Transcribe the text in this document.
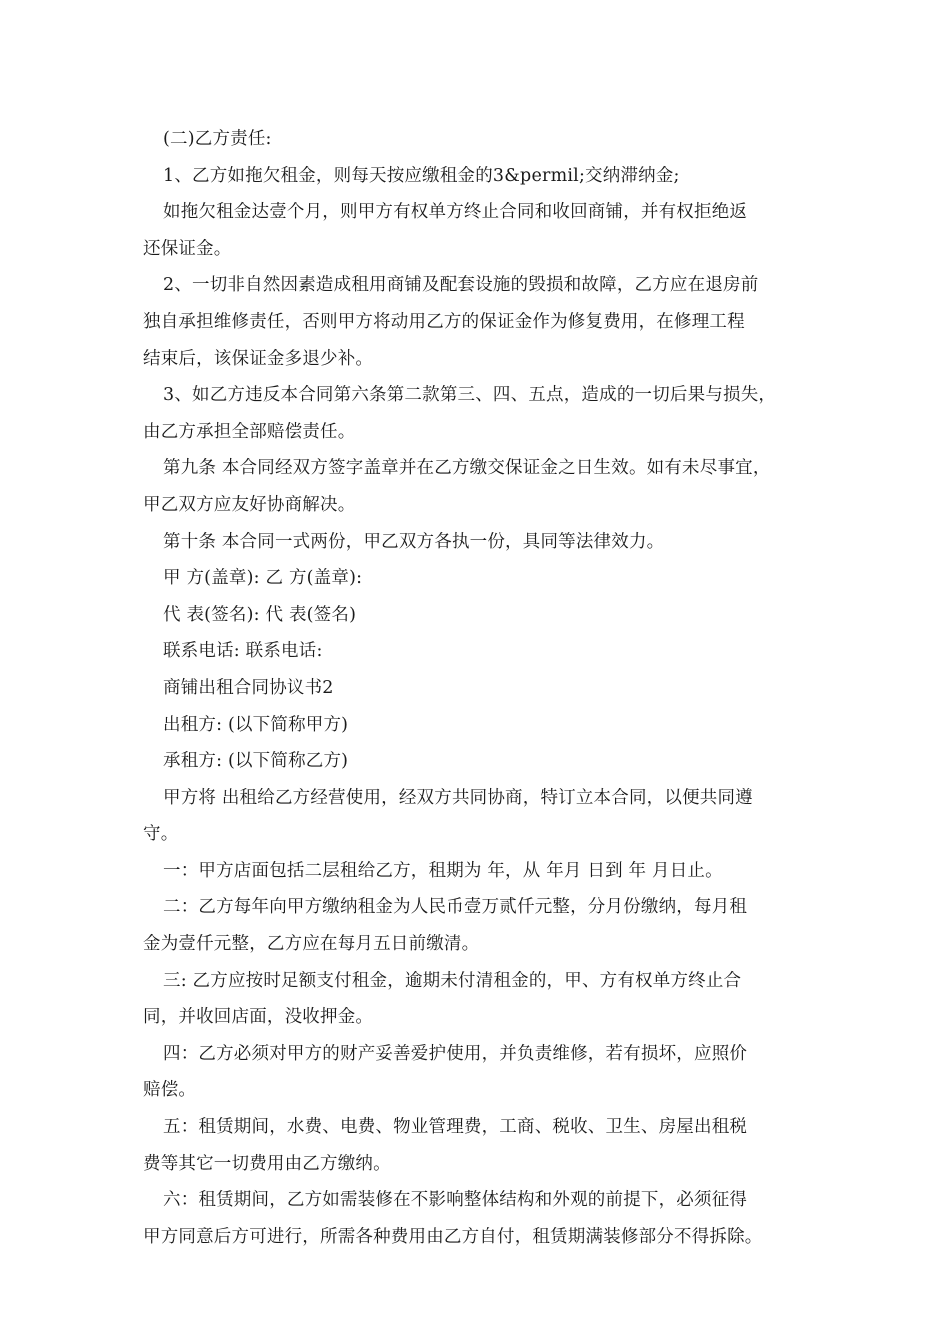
(二)乙方责任:
1、乙方如拖欠租金，则每天按应缴租金的3&permil;交纳滞纳金;
如拖欠租金达壹个月，则甲方有权单方终止合同和收回商铺，并有权拒绝返
还保证金。
2、一切非自然因素造成租用商铺及配套设施的毁损和故障，乙方应在退房前
独自承担维修责任，否则甲方将动用乙方的保证金作为修复费用，在修理工程
结束后，该保证金多退少补。
3、如乙方违反本合同第六条第二款第三、四、五点，造成的一切后果与损失，
由乙方承担全部赔偿责任。
第九条 本合同经双方签字盖章并在乙方缴交保证金之日生效。如有未尽事宜，
甲乙双方应友好协商解决。
第十条 本合同一式两份，甲乙双方各执一份，具同等法律效力。
甲 方(盖章): 乙 方(盖章):
代 表(签名): 代 表(签名)
联系电话: 联系电话:
商铺出租合同协议书2
出租方: (以下简称甲方)
承租方: (以下简称乙方)
甲方将 出租给乙方经营使用，经双方共同协商，特订立本合同，以便共同遵
守。
一：甲方店面包括二层租给乙方，租期为 年，从 年月 日到 年 月日止。
二：乙方每年向甲方缴纳租金为人民币壹万贰仟元整，分月份缴纳，每月租
金为壹仟元整，乙方应在每月五日前缴清。
三: 乙方应按时足额支付租金，逾期未付清租金的，甲、方有权单方终止合
同，并收回店面，没收押金。
四：乙方必须对甲方的财产妥善爱护使用，并负责维修，若有损坏，应照价
赔偿。
五：租赁期间，水费、电费、物业管理费，工商、税收、卫生、房屋出租税
费等其它一切费用由乙方缴纳。
六：租赁期间，乙方如需装修在不影响整体结构和外观的前提下，必须征得
甲方同意后方可进行，所需各种费用由乙方自付，租赁期满装修部分不得拆除。
